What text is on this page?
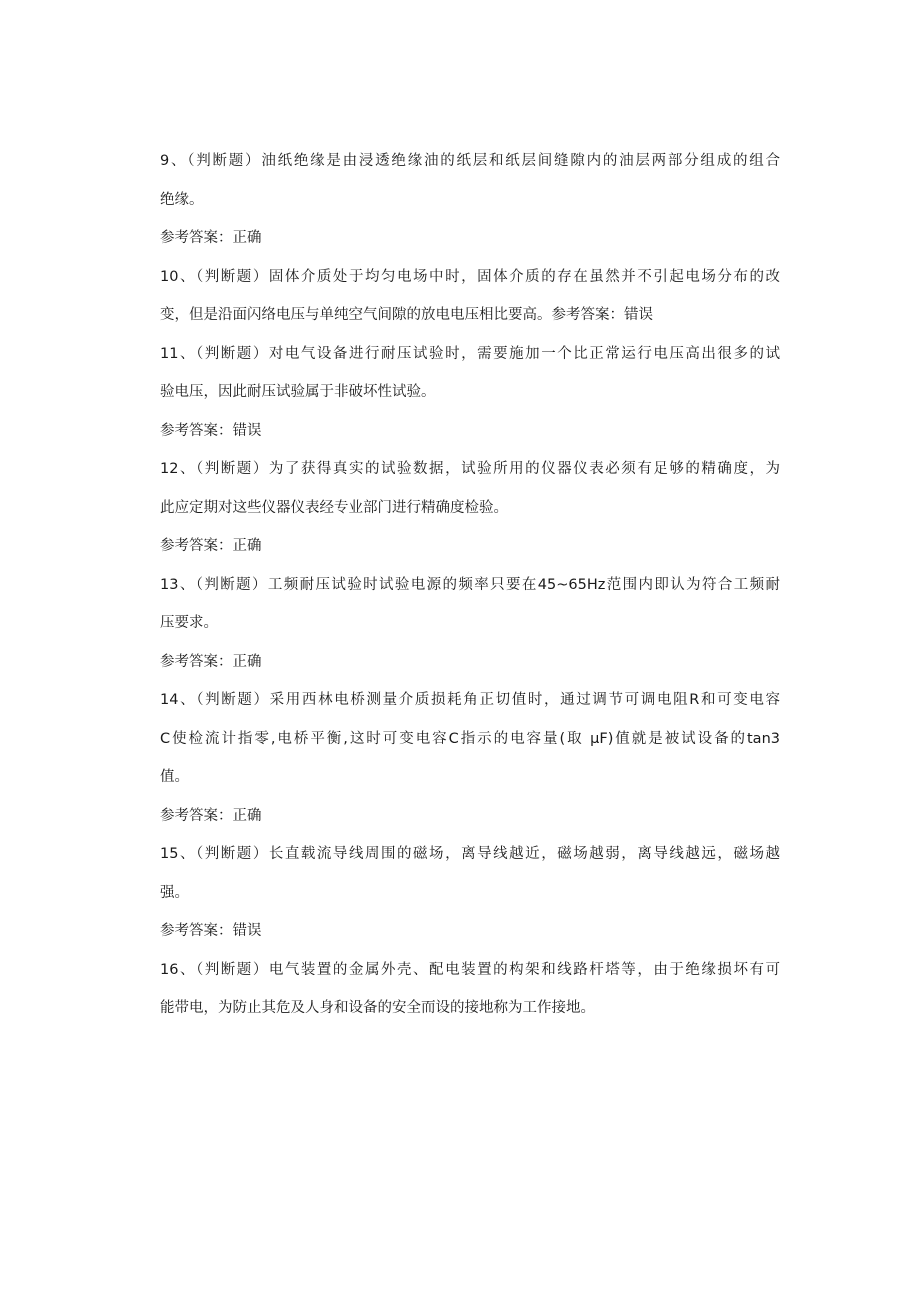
9、（判断题）油纸绝缘是由浸透绝缘油的纸层和纸层间缝隙内的油层两部分组成的组合
绝缘。
参考答案：正确
10、（判断题）固体介质处于均匀电场中时，固体介质的存在虽然并不引起电场分布的改
变，但是沿面闪络电压与单纯空气间隙的放电电压相比要高。参考答案：错误
11、（判断题）对电气设备进行耐压试验时，需要施加一个比正常运行电压高出很多的试
验电压，因此耐压试验属于非破坏性试验。
参考答案：错误
12、（判断题）为了获得真实的试验数据，试验所用的仪器仪表必须有足够的精确度，为
此应定期对这些仪器仪表经专业部门进行精确度检验。
参考答案：正确
13、（判断题）工频耐压试验时试验电源的频率只要在45~65Hz范围内即认为符合工频耐
压要求。
参考答案：正确
14、（判断题）采用西林电桥测量介质损耗角正切值时，通过调节可调电阻R和可变电容
C使检流计指零,电桥平衡,这时可变电容C指示的电容量(取 μF)值就是被试设备的tan3
值。
参考答案：正确
15、（判断题）长直载流导线周围的磁场，离导线越近，磁场越弱，离导线越远，磁场越
强。
参考答案：错误
16、（判断题）电气装置的金属外壳、配电装置的构架和线路杆塔等，由于绝缘损坏有可
能带电，为防止其危及人身和设备的安全而设的接地称为工作接地。
